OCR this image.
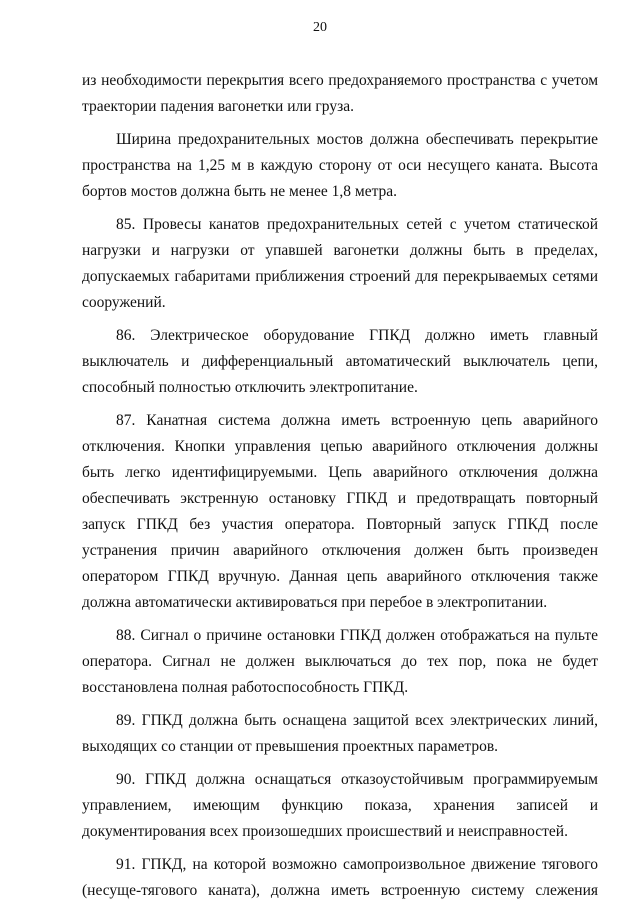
20

из необходимости перекрытия всего предохраняемого пространства с учетом траектории падения вагонетки или груза.

Ширина предохранительных мостов должна обеспечивать перекрытие пространства на 1,25 м в каждую сторону от оси несущего каната. Высота бортов мостов должна быть не менее 1,8 метра.

85. Провесы канатов предохранительных сетей с учетом статической нагрузки и нагрузки от упавшей вагонетки должны быть в пределах, допускаемых габаритами приближения строений для перекрываемых сетями сооружений.

86. Электрическое оборудование ГПКД должно иметь главный выключатель и дифференциальный автоматический выключатель цепи, способный полностью отключить электропитание.

87. Канатная система должна иметь встроенную цепь аварийного отключения. Кнопки управления цепью аварийного отключения должны быть легко идентифицируемыми. Цепь аварийного отключения должна обеспечивать экстренную остановку ГПКД и предотвращать повторный запуск ГПКД без участия оператора. Повторный запуск ГПКД после устранения причин аварийного отключения должен быть произведен оператором ГПКД вручную. Данная цепь аварийного отключения также должна автоматически активироваться при перебое в электропитании.

88. Сигнал о причине остановки ГПКД должен отображаться на пульте оператора. Сигнал не должен выключаться до тех пор, пока не будет восстановлена полная работоспособность ГПКД.

89. ГПКД должна быть оснащена защитой всех электрических линий, выходящих со станции от превышения проектных параметров.

90. ГПКД должна оснащаться отказоустойчивым программируемым управлением, имеющим функцию показа, хранения записей и документирования всех произошедших происшествий и неисправностей.

91. ГПКД, на которой возможно самопроизвольное движение тягового (несуще-тягового каната), должна иметь встроенную систему слежения
